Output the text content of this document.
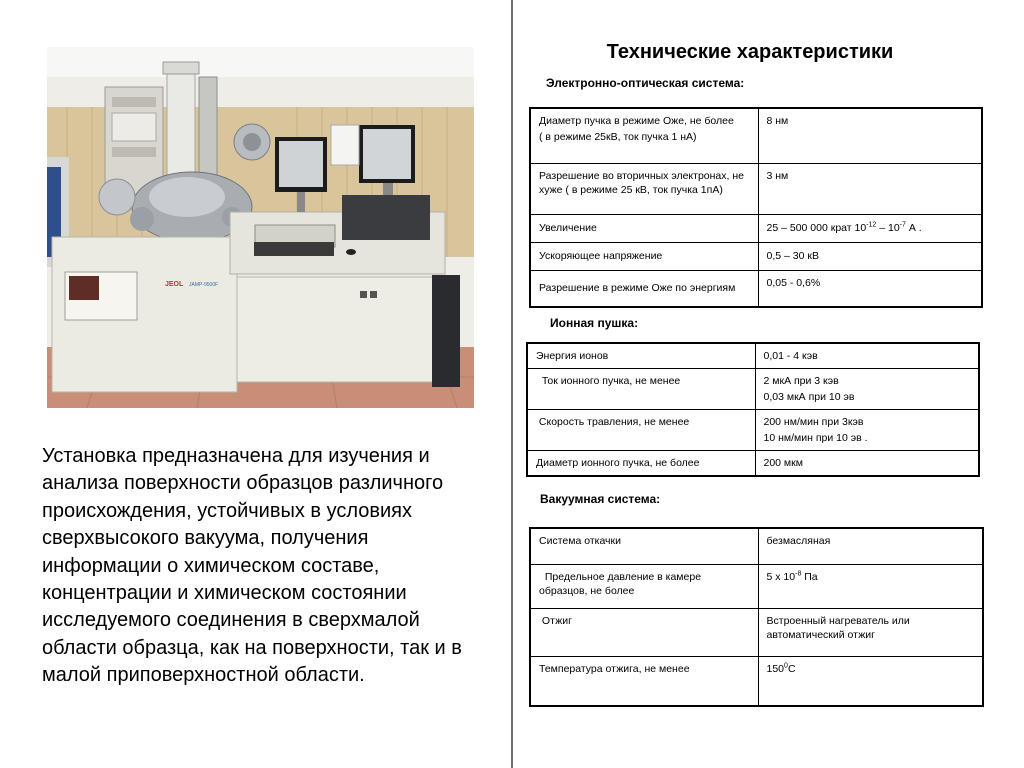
JEOL JAMP-9500F
Установка предназначена для изучения и анализа поверхности образцов различного происхождения, устойчивых в условиях сверхвысокого вакуума, получения информации о химическом составе, концентрации и химическом состоянии исследуемого соединения в сверхмалой области образца, как на поверхности, так и в малой приповерхностной области.
Технические характеристики
Электронно-оптическая система:
Диаметр пучка в режиме Оже, не более
( в режиме 25кВ, ток пучка 1 нА)	8 нм
Разрешение во вторичных электронах, не хуже ( в режиме 25 кВ, ток пучка 1пА)	3 нм
Увеличение	25 – 500 000 крат $10^{-12} - 10^{-7}$ А .
Ускоряющее напряжение	0,5 – 30 кВ
Разрешение в режиме Оже по энергиям	0,05 - 0,6%
Ионная пушка:
Энергия ионов	0,01 - 4 кэв
Ток ионного пучка, не менее	2 мкА при 3 кэв
0,03 мкА при 10 эв

Скорость травления, не менее	200 нм/мин при 3кэв
10 нм/мин при 10 эв .

Диаметр ионного пучка, не более	200 мкм
Вакуумная система:
Система откачки	безмасляная
Предельное давление в камере образцов, не более	5 х $10^{-8}$ Па
Отжиг	Встроенный нагреватель или автоматический отжиг
Температура отжига, не менее	$150^0С$
